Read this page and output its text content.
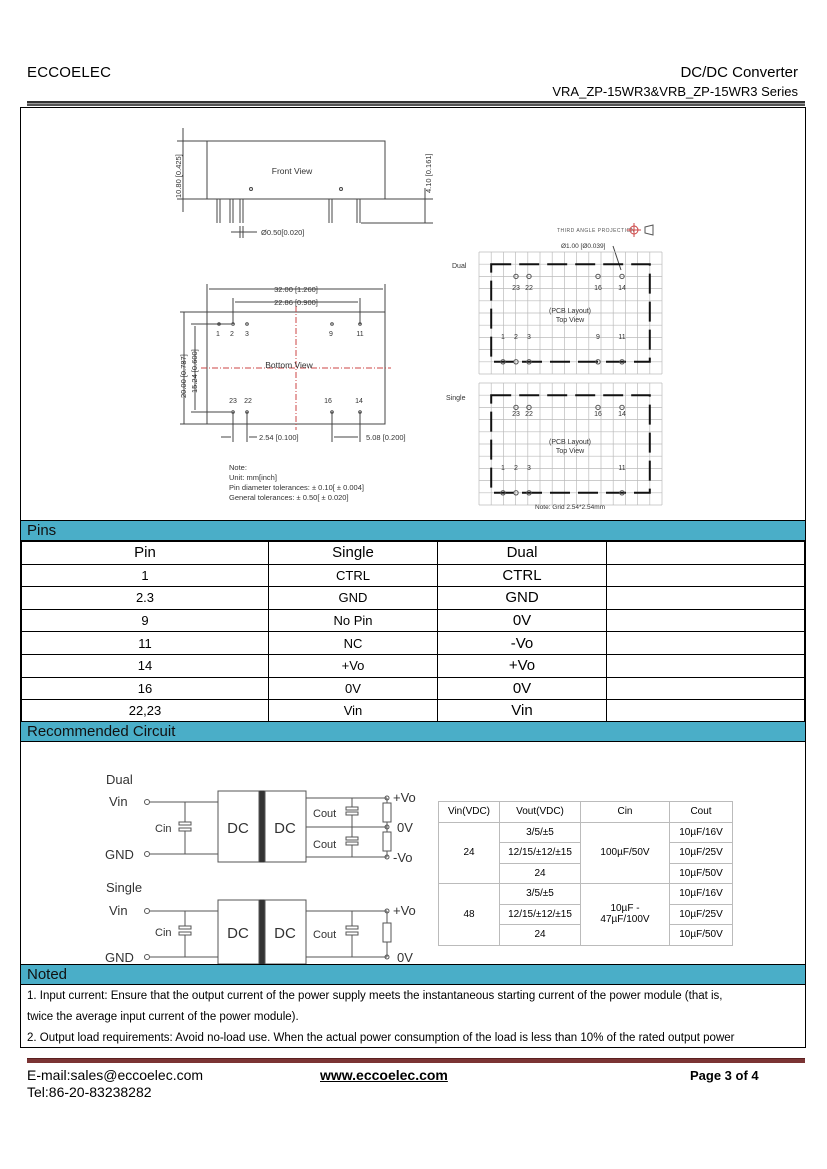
ECCOELEC	DC/DC Converter
VRA_ZP-15WR3&VRB_ZP-15WR3 Series
Front View
10.80 [0.425]	4.10 [0.161]
Ø0.50[0.020]
32.00 [1.260]
22.86 [0.900]
20.00 [0.787] 15.24 [0.600]
2.54 [0.100]	5.08 [0.200]
Bottom View
1 2 3	9	11
23 22	16	14
Note:
Unit: mm[inch]
Pin diameter tolerances: ± 0.10[ ± 0.004]
General tolerances: ± 0.50[ ± 0.020]
THIRD ANGLE PROJECTION
Ø1.00 [Ø0.039]
Dual
Single
(PCB Layout)
Top View
(PCB Layout)
Top View
23 22	16 14
1 2 3	9	11
23 22	16 14
1 2 3	11
Note: Grid 2.54*2.54mm
Pins
Pin	Single	Dual	
1	CTRL	CTRL	
2.3	GND	GND	
9	No Pin	0V	
11	NC	-Vo	
14	+Vo	+Vo	
16	0V	0V	
22,23	Vin	Vin	
Recommended Circuit
Dual
Vin
GND
Cin	DC DC
Cout
Cout
+Vo
0V
-Vo
Single
Vin
GND
Cin	DC DC Cout
+Vo
0V
Vin(VDC)	Vout(VDC)	Cin	Cout
24	3/5/±5	100µF/50V	10µF/16V
	12/15/±12/±15		10µF/25V
	24		10µF/50V
48	3/5/±5	10µF - 47µF/100V	10µF/16V
	12/15/±12/±15		10µF/25V
	24		10µF/50V
Noted
1. Input current: Ensure that the output current of the power supply meets the instantaneous starting current of the power module (that is,
twice the average input current of the power module).
2. Output load requirements: Avoid no-load use. When the actual power consumption of the load is less than 10% of the rated output power
E-mail:sales@eccoelec.com
Tel:86-20-83238282
www.eccoelec.com	Page 3 of 4
